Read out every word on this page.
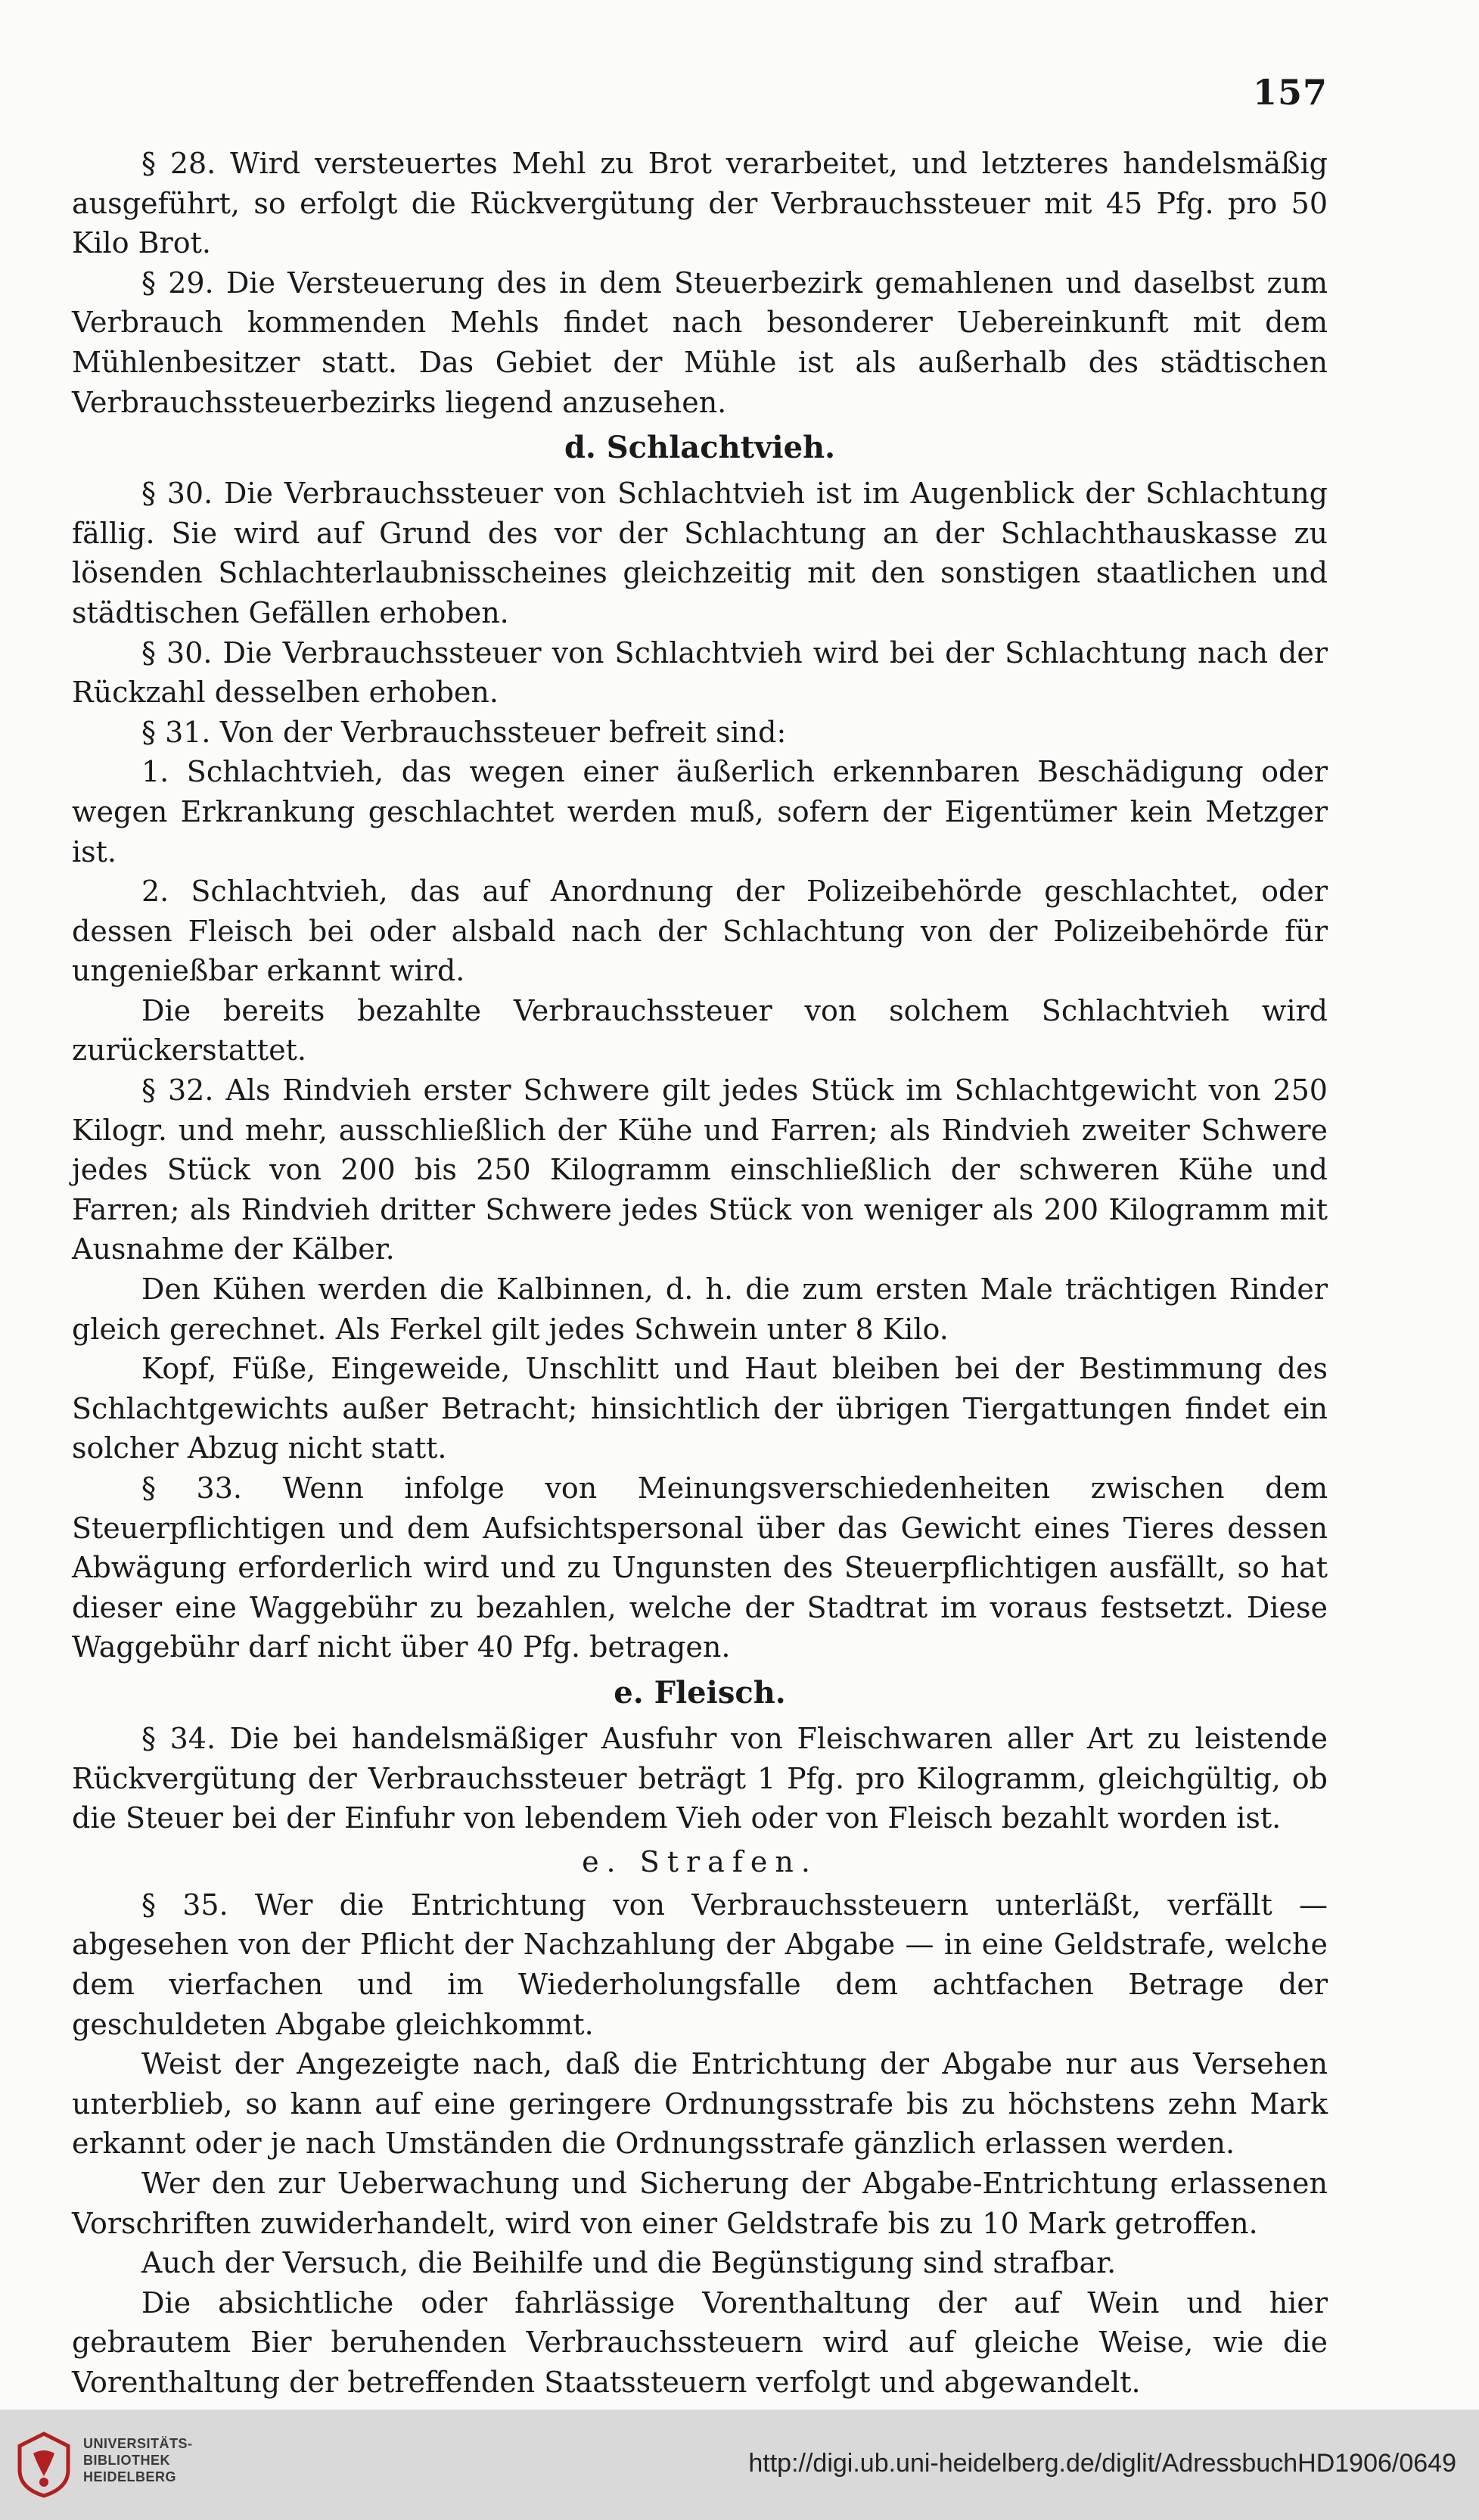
157

§ 28. Wird versteuertes Mehl zu Brot verarbeitet, und letzteres handelsmäßig ausgeführt, so erfolgt die Rückvergütung der Verbrauchssteuer mit 45 Pfg. pro 50 Kilo Brot.

§ 29. Die Versteuerung des in dem Steuerbezirk gemahlenen und daselbst zum Verbrauch kommenden Mehls findet nach besonderer Uebereinkunft mit dem Mühlenbesitzer statt. Das Gebiet der Mühle ist als außerhalb des städtischen Verbrauchssteuerbezirks liegend anzusehen.

d. Schlachtvieh.

§ 30. Die Verbrauchssteuer von Schlachtvieh ist im Augenblick der Schlachtung fällig. Sie wird auf Grund des vor der Schlachtung an der Schlachthauskasse zu lösenden Schlachterlaubnisscheines gleichzeitig mit den sonstigen staatlichen und städtischen Gefällen erhoben.

§ 30. Die Verbrauchssteuer von Schlachtvieh wird bei der Schlachtung nach der Rückzahl desselben erhoben.

§ 31. Von der Verbrauchssteuer befreit sind:

1. Schlachtvieh, das wegen einer äußerlich erkennbaren Beschädigung oder wegen Erkrankung geschlachtet werden muß, sofern der Eigentümer kein Metzger ist.

2. Schlachtvieh, das auf Anordnung der Polizeibehörde geschlachtet, oder dessen Fleisch bei oder alsbald nach der Schlachtung von der Polizeibehörde für ungenießbar erkannt wird.

Die bereits bezahlte Verbrauchssteuer von solchem Schlachtvieh wird zurückerstattet.

§ 32. Als Rindvieh erster Schwere gilt jedes Stück im Schlachtgewicht von 250 Kilogr. und mehr, ausschließlich der Kühe und Farren; als Rindvieh zweiter Schwere jedes Stück von 200 bis 250 Kilogramm einschließlich der schweren Kühe und Farren; als Rindvieh dritter Schwere jedes Stück von weniger als 200 Kilogramm mit Ausnahme der Kälber.

Den Kühen werden die Kalbinnen, d. h. die zum ersten Male trächtigen Rinder gleich gerechnet. Als Ferkel gilt jedes Schwein unter 8 Kilo.

Kopf, Füße, Eingeweide, Unschlitt und Haut bleiben bei der Bestimmung des Schlachtgewichts außer Betracht; hinsichtlich der übrigen Tiergattungen findet ein solcher Abzug nicht statt.

§ 33. Wenn infolge von Meinungsverschiedenheiten zwischen dem Steuerpflichtigen und dem Aufsichtspersonal über das Gewicht eines Tieres dessen Abwägung erforderlich wird und zu Ungunsten des Steuerpflichtigen ausfällt, so hat dieser eine Waggebühr zu bezahlen, welche der Stadtrat im voraus festsetzt. Diese Waggebühr darf nicht über 40 Pfg. betragen.

e. Fleisch.

§ 34. Die bei handelsmäßiger Ausfuhr von Fleischwaren aller Art zu leistende Rückvergütung der Verbrauchssteuer beträgt 1 Pfg. pro Kilogramm, gleichgültig, ob die Steuer bei der Einfuhr von lebendem Vieh oder von Fleisch bezahlt worden ist.

e. Strafen.

§ 35. Wer die Entrichtung von Verbrauchssteuern unterläßt, verfällt — abgesehen von der Pflicht der Nachzahlung der Abgabe — in eine Geldstrafe, welche dem vierfachen und im Wiederholungsfalle dem achtfachen Betrage der geschuldeten Abgabe gleichkommt.

Weist der Angezeigte nach, daß die Entrichtung der Abgabe nur aus Versehen unterblieb, so kann auf eine geringere Ordnungsstrafe bis zu höchstens zehn Mark erkannt oder je nach Umständen die Ordnungsstrafe gänzlich erlassen werden.

Wer den zur Ueberwachung und Sicherung der Abgabe-Entrichtung erlassenen Vorschriften zuwiderhandelt, wird von einer Geldstrafe bis zu 10 Mark getroffen.

Auch der Versuch, die Beihilfe und die Begünstigung sind strafbar.

Die absichtliche oder fahrlässige Vorenthaltung der auf Wein und hier gebrautem Bier beruhenden Verbrauchssteuern wird auf gleiche Weise, wie die Vorenthaltung der betreffenden Staatssteuern verfolgt und abgewandelt.

UNIVERSITÄTS-
BIBLIOTHEK
HEIDELBERG	http://digi.ub.uni-heidelberg.de/diglit/AdressbuchHD1906/0649
